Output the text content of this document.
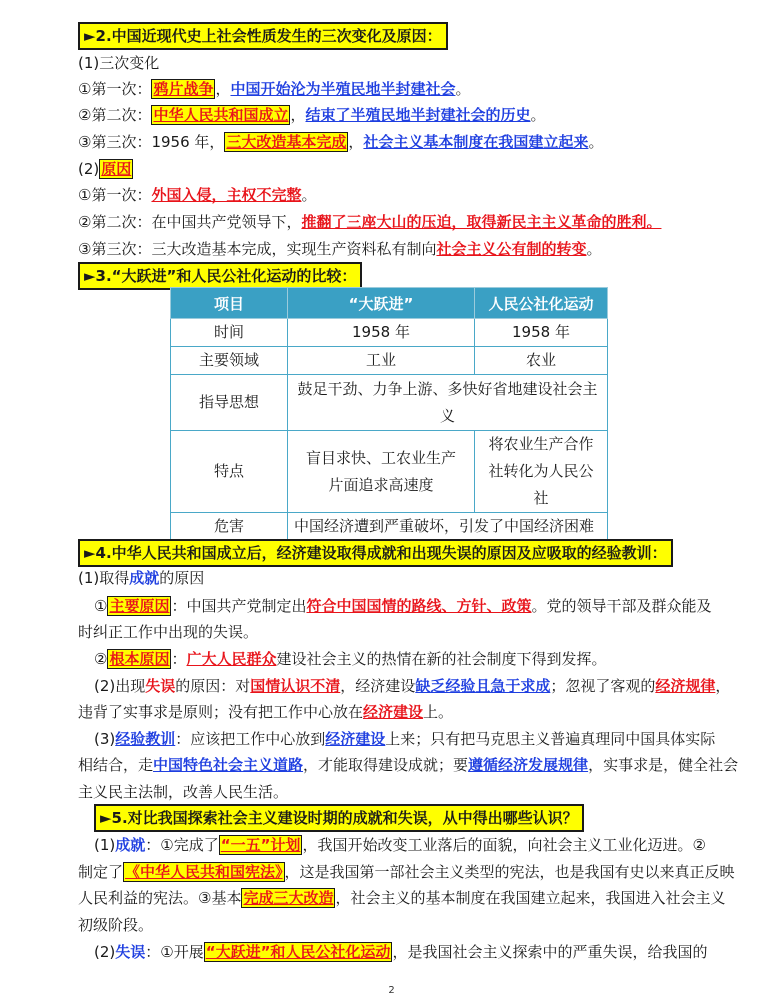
►2.中国近现代史上社会性质发生的三次变化及原因：
(1)三次变化
①第一次： 鸦片战争 ，中国开始沦为半殖民地半封建社会。
②第二次： 中华人民共和国成立 ，结束了半殖民地半封建社会的历史。
③第三次：1956 年， 三大改造基本完成 ，社会主义基本制度在我国建立起来。
(2) 原因
①第一次：外国入侵，主权不完整。
②第二次：在中国共产党领导下，推翻了三座大山的压迫，取得新民主主义革命的胜利。
③第三次：三大改造基本完成，实现生产资料私有制向社会主义公有制的转变。
►3.“大跃进”和人民公社化运动的比较：
项目	“大跃进”	人民公社化运动
时间	1958 年	1958 年
主要领域	工业	农业
指导思想	鼓足干劲、力争上游、多快好省地建设社会主义	
特点	盲目求快、工农业生产片面追求高速度	将农业生产合作社转化为人民公社
危害	中国经济遭到严重破坏，引发了中国经济困难	
►4.中华人民共和国成立后，经济建设取得成就和出现失误的原因及应吸取的经验教训：
(1)取得成就的原因
① 主要原因 ：中国共产党制定出符合中国国情的路线、方针、政策。党的领导干部及群众能及
时纠正工作中出现的失误。
② 根本原因 ：广大人民群众建设社会主义的热情在新的社会制度下得到发挥。
(2)出现失误的原因：对国情认识不清，经济建设缺乏经验且急于求成；忽视了客观的经济规律，
违背了实事求是原则；没有把工作中心放在经济建设上。
(3)经验教训：应该把工作中心放到经济建设上来；只有把马克思主义普遍真理同中国具体实际
相结合，走中国特色社会主义道路，才能取得建设成就；要遵循经济发展规律，实事求是，健全社会
主义民主法制，改善人民生活。
►5.对比我国探索社会主义建设时期的成就和失误，从中得出哪些认识？
(1)成就：①完成了 “一五”计划 ，我国开始改变工业落后的面貌，向社会主义工业化迈进。②
制定了 《中华人民共和国宪法》 ，这是我国第一部社会主义类型的宪法，也是我国有史以来真正反映
人民利益的宪法。③基本 完成三大改造 ，社会主义的基本制度在我国建立起来，我国进入社会主义
初级阶段。
(2)失误：①开展 “大跃进”和人民公社化运动 ，是我国社会主义探索中的严重失误，给我国的
2
